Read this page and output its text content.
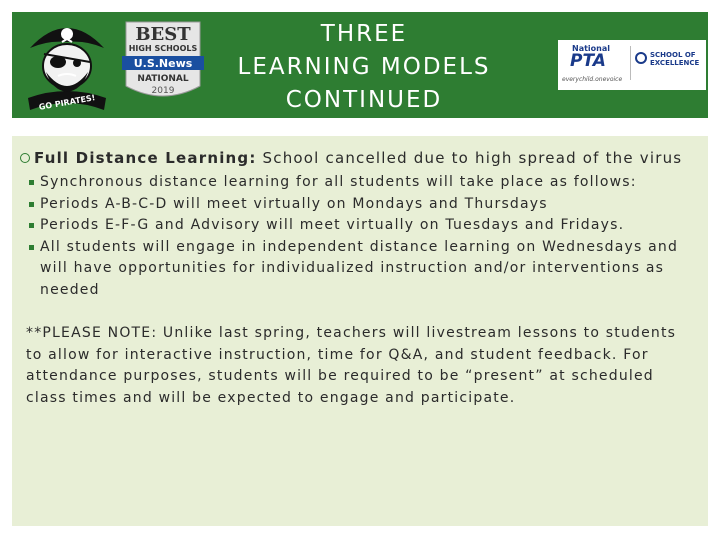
GO PIRATES!
BEST
HIGH SCHOOLS
U.S.News
NATIONAL
2019
THREE
LEARNING MODELS
CONTINUED
National
PTA
everychild.onevoice
SCHOOL OF
EXCELLENCE
Full Distance Learning: School cancelled due to high spread of the virus
Synchronous distance learning for all students will take place as follows:
Periods A-B-C-D will meet virtually on Mondays and Thursdays
Periods E-F-G and Advisory will meet virtually on Tuesdays and Fridays.
All students will engage in independent distance learning on Wednesdays and will have opportunities for individualized instruction and/or interventions as needed
**PLEASE NOTE: Unlike last spring, teachers will livestream lessons to students to allow for interactive instruction, time for Q&A, and student feedback. For attendance purposes, students will be required to be “present” at scheduled class times and will be expected to engage and participate.
